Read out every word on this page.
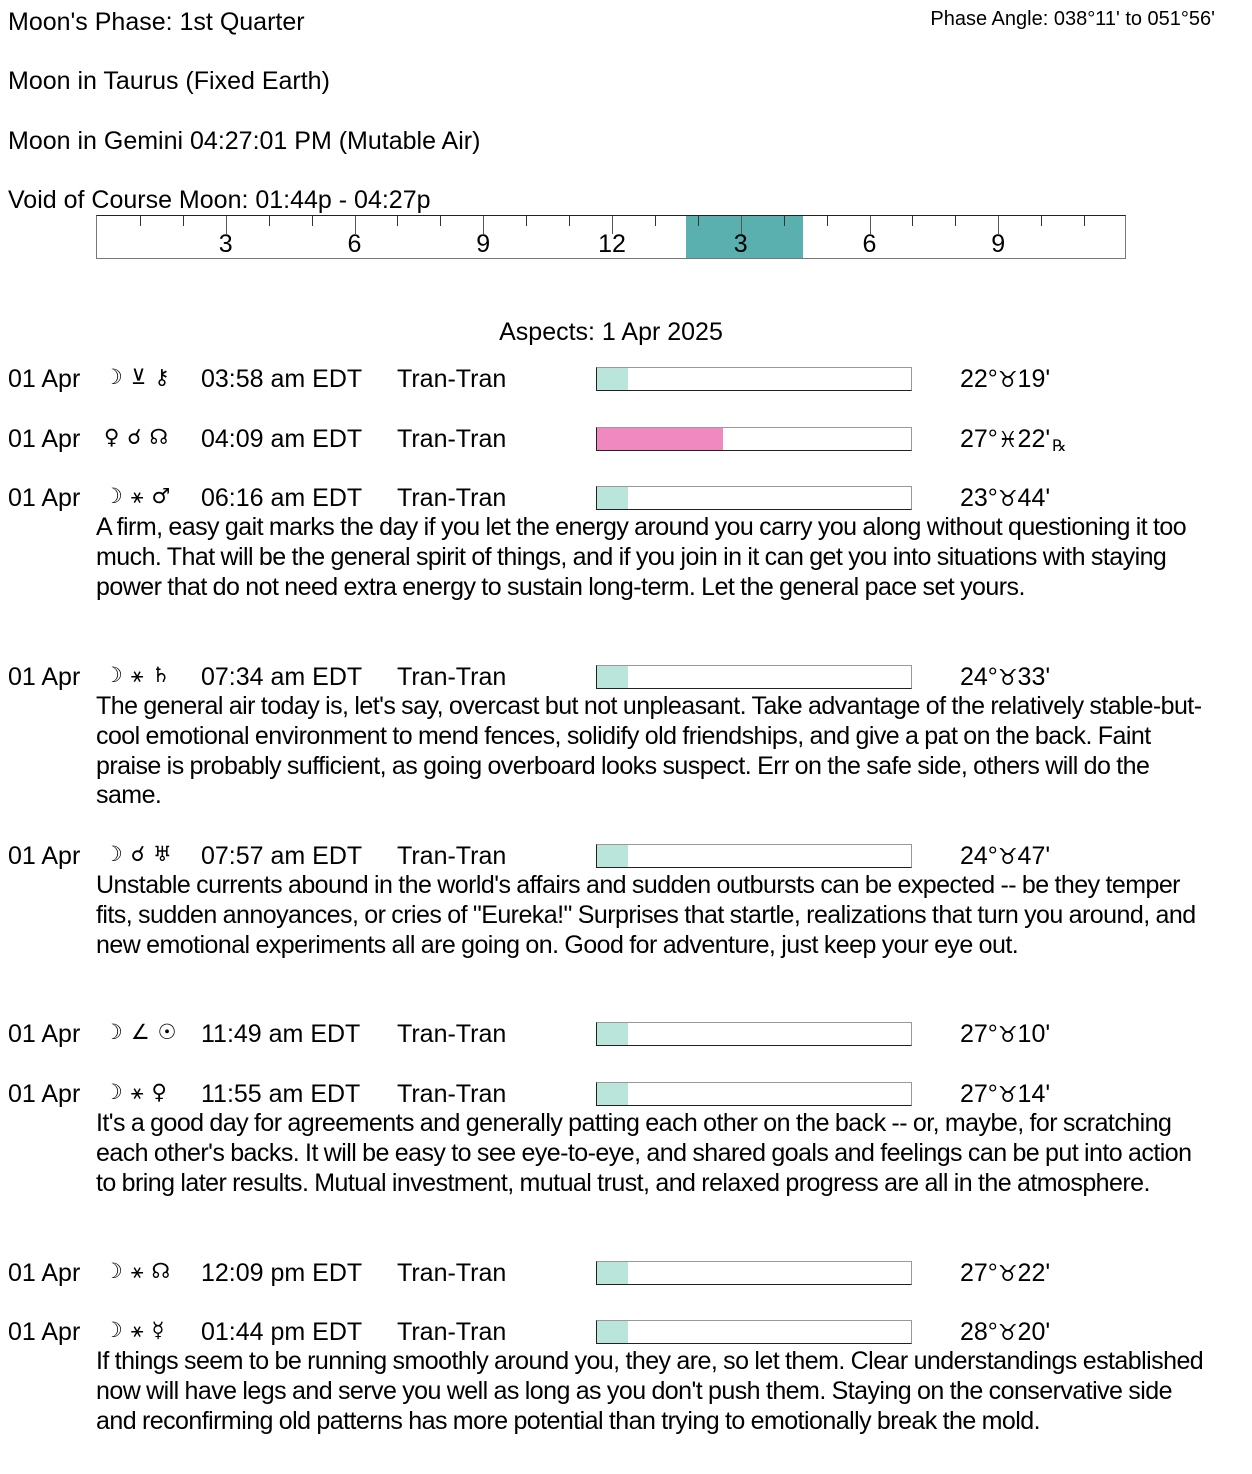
Moon's Phase: 1st Quarter	Phase Angle: 038°11' to 051°56'
Moon in Taurus (Fixed Earth)
Moon in Gemini 04:27:01 PM (Mutable Air)
Void of Course Moon: 01:44p - 04:27p
3	6	9	12	3	6	9
Aspects: 1 Apr 2025
01 Apr ☽ ⊻ ⚷ 03:58 am EDT Tran-Tran	22°♉19'
01 Apr ♀ ☌ ☊ 04:09 am EDT Tran-Tran	27°♓22' ℞
01 Apr ☽ ⚹ ♂ 06:16 am EDT Tran-Tran	23°♉44'
A firm, easy gait marks the day if you let the energy around you carry you along without questioning it too much. That will be the general spirit of things, and if you join in it can get you into situations with staying power that do not need extra energy to sustain long-term. Let the general pace set yours.
01 Apr ☽ ⚹ ♄ 07:34 am EDT Tran-Tran	24°♉33'
The general air today is, let's say, overcast but not unpleasant. Take advantage of the relatively stable-but-cool emotional environment to mend fences, solidify old friendships, and give a pat on the back. Faint praise is probably sufficient, as going overboard looks suspect. Err on the safe side, others will do the same.
01 Apr ☽ ☌ ♅ 07:57 am EDT Tran-Tran	24°♉47'
Unstable currents abound in the world's affairs and sudden outbursts can be expected -- be they temper fits, sudden annoyances, or cries of "Eureka!" Surprises that startle, realizations that turn you around, and new emotional experiments all are going on. Good for adventure, just keep your eye out.
01 Apr ☽ ∠ ☉ 11:49 am EDT Tran-Tran	27°♉10'
01 Apr ☽ ⚹ ♀ 11:55 am EDT Tran-Tran	27°♉14'
It's a good day for agreements and generally patting each other on the back -- or, maybe, for scratching each other's backs. It will be easy to see eye-to-eye, and shared goals and feelings can be put into action to bring later results. Mutual investment, mutual trust, and relaxed progress are all in the atmosphere.
01 Apr ☽ ⚹ ☊ 12:09 pm EDT Tran-Tran	27°♉22'
01 Apr ☽ ⚹ ☿ 01:44 pm EDT Tran-Tran	28°♉20'
If things seem to be running smoothly around you, they are, so let them. Clear understandings established now will have legs and serve you well as long as you don't push them. Staying on the conservative side and reconfirming old patterns has more potential than trying to emotionally break the mold.
